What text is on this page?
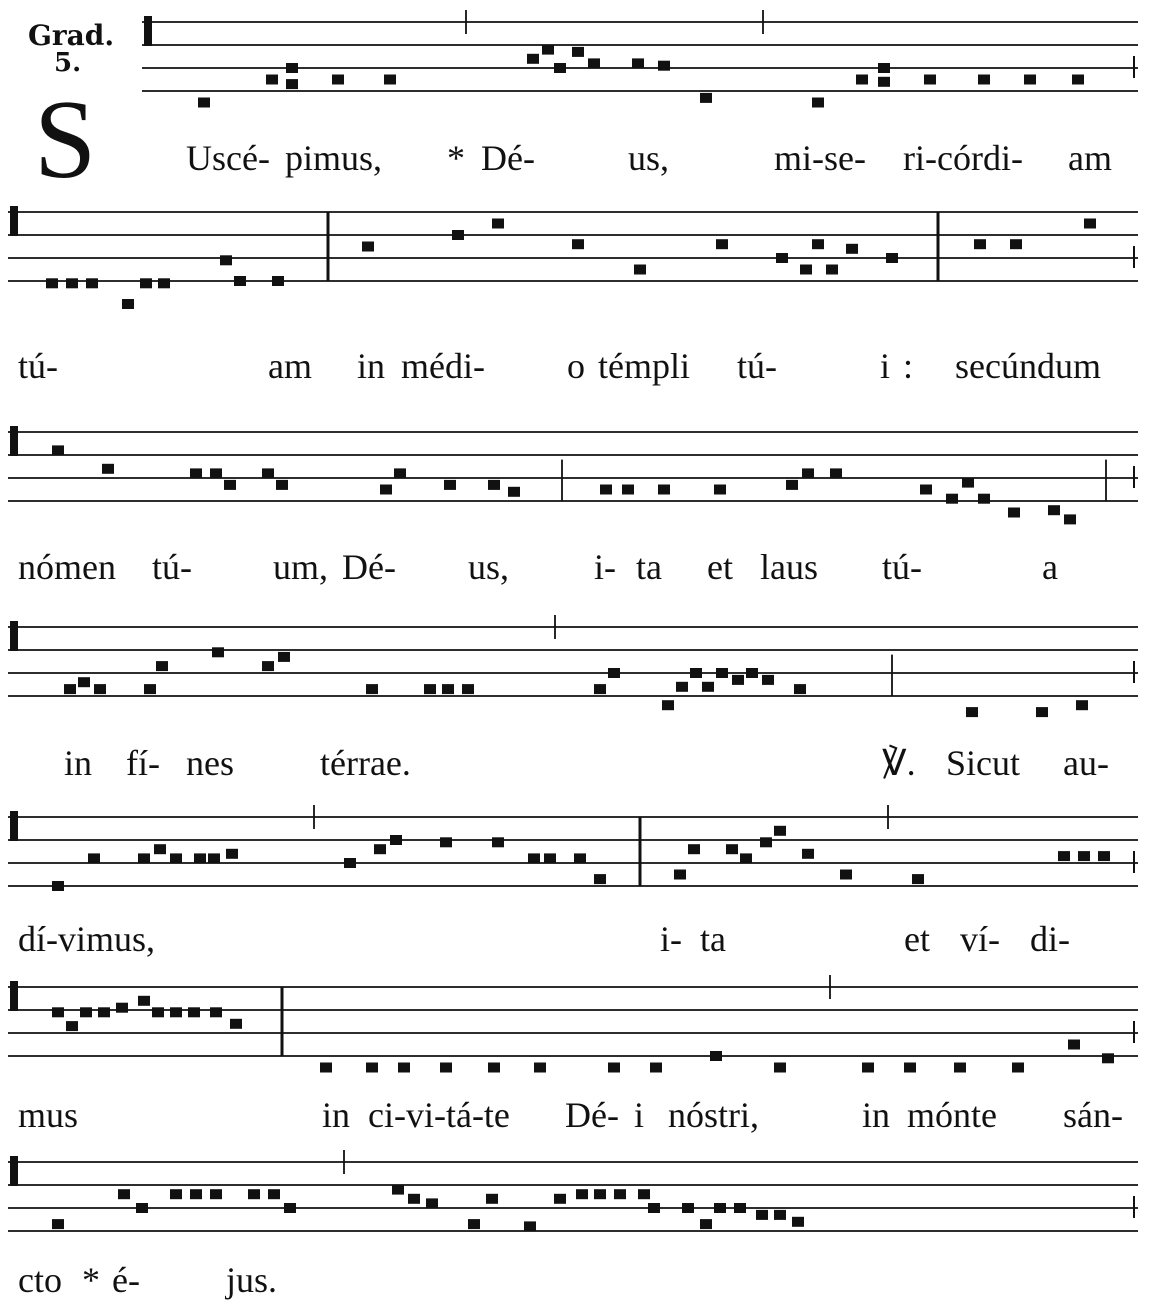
Grad.
5.
S Uscé- pimus, * Dé-	us,	mi-se- ri-córdi- am
tú-	am in médi- o témpli tú-	i : secúndum
nómen tú- um, Dé- us, i- ta et laus tú-	a
in fí- nes térrae.	℣. Sicut au-
dí-vimus,	i- ta	et ví- di-
mus	in ci-vi-tá-te Dé- i nóstri,	in mónte sán-
cto * é- jus.
